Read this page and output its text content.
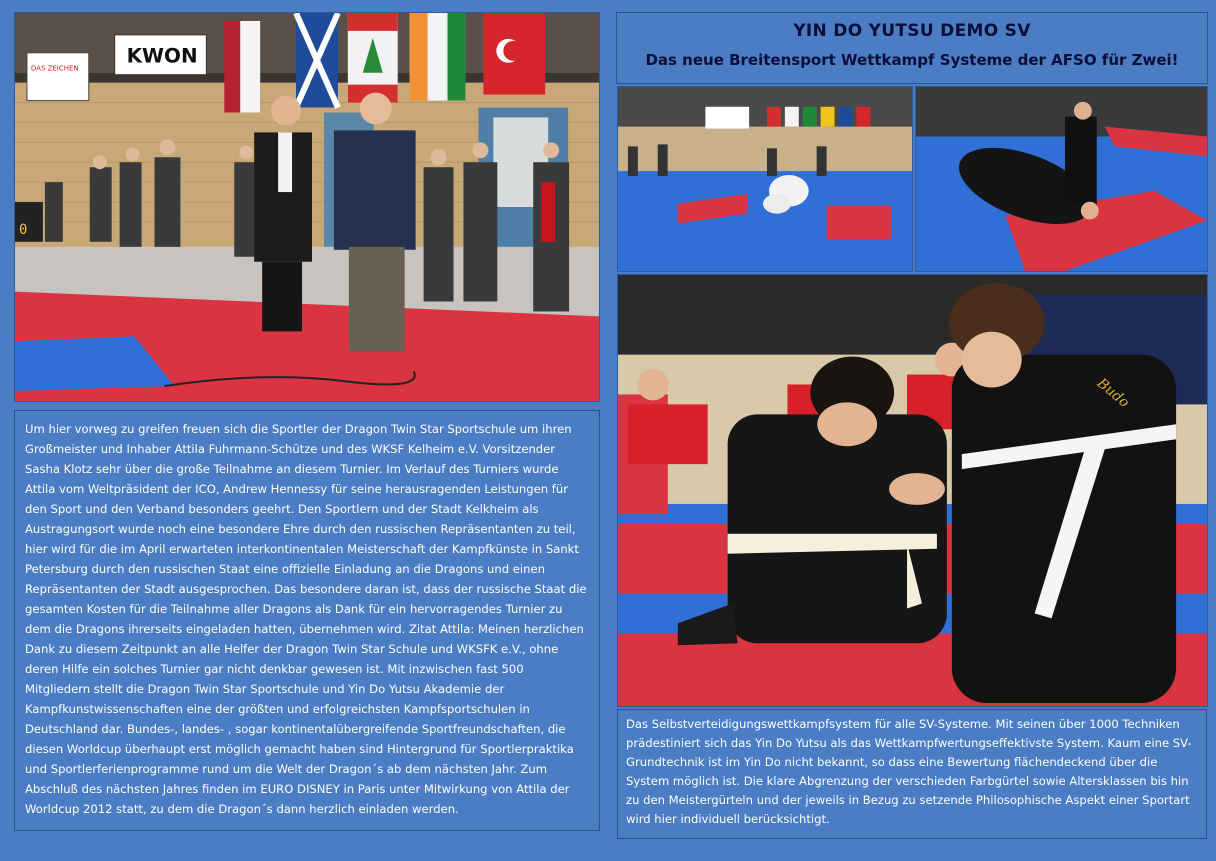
KWON
DAS ZEICHEN
0
YIN DO YUTSU DEMO SV
Das neue Breitensport Wettkampf Systeme der AFSO für Zwei!
Budo

Um hier vorweg zu greifen freuen sich die Sportler der Dragon Twin Star Sportschule um ihren Großmeister und Inhaber Attila Fuhrmann-Schütze und des WKSF Kelheim e.V. Vorsitzender Sasha Klotz sehr über die große Teilnahme an diesem Turnier. Im Verlauf des Turniers wurde Attila vom Weltpräsident der ICO, Andrew Hennessy für seine herausragenden Leistungen für den Sport und den Verband besonders geehrt. Den Sportlern und der Stadt Kelkheim als Austragungsort wurde noch eine besondere Ehre durch den russischen Repräsentanten zu teil, hier wird für die im April erwarteten interkontinentalen Meisterschaft der Kampfkünste in Sankt Petersburg durch den russischen Staat eine offizielle Einladung an die Dragons und einen Repräsentanten der Stadt ausgesprochen. Das besondere daran ist, dass der russische Staat die gesamten Kosten für die Teilnahme aller Dragons als Dank für ein hervorragendes Turnier zu dem die Dragons ihrerseits eingeladen hatten, übernehmen wird. Zitat Attila: Meinen herzlichen Dank zu diesem Zeitpunkt an alle Helfer der Dragon Twin Star Schule und WKSFK e.V., ohne deren Hilfe ein solches Turnier gar nicht denkbar gewesen ist. Mit inzwischen fast 500 Mitgliedern stellt die Dragon Twin Star Sportschule und Yin Do Yutsu Akademie der Kampfkunstwissenschaften eine der größten und erfolgreichsten Kampfsportschulen in Deutschland dar. Bundes-, landes- , sogar kontinentalübergreifende Sportfreundschaften, die diesen Worldcup überhaupt erst möglich gemacht haben sind Hintergrund für Sportlerpraktika und Sportlerferienprogramme rund um die Welt der Dragon´s ab dem nächsten Jahr. Zum Abschluß des nächsten Jahres finden im EURO DISNEY in Paris unter Mitwirkung von Attila der Worldcup 2012 statt, zu dem die Dragon´s dann herzlich einladen werden.

Das Selbstverteidigungswettkampfsystem für alle SV-Systeme. Mit seinen über 1000 Techniken prädestiniert sich das Yin Do Yutsu als das Wettkampfwertungseffektivste System. Kaum eine SV-Grundtechnik ist im Yin Do nicht bekannt, so dass eine Bewertung flächendeckend über die System möglich ist. Die klare Abgrenzung der verschieden Farbgürtel sowie Altersklassen bis hin zu den Meistergürteln und der jeweils in Bezug zu setzende Philosophische Aspekt einer Sportart wird hier individuell berücksichtigt.
